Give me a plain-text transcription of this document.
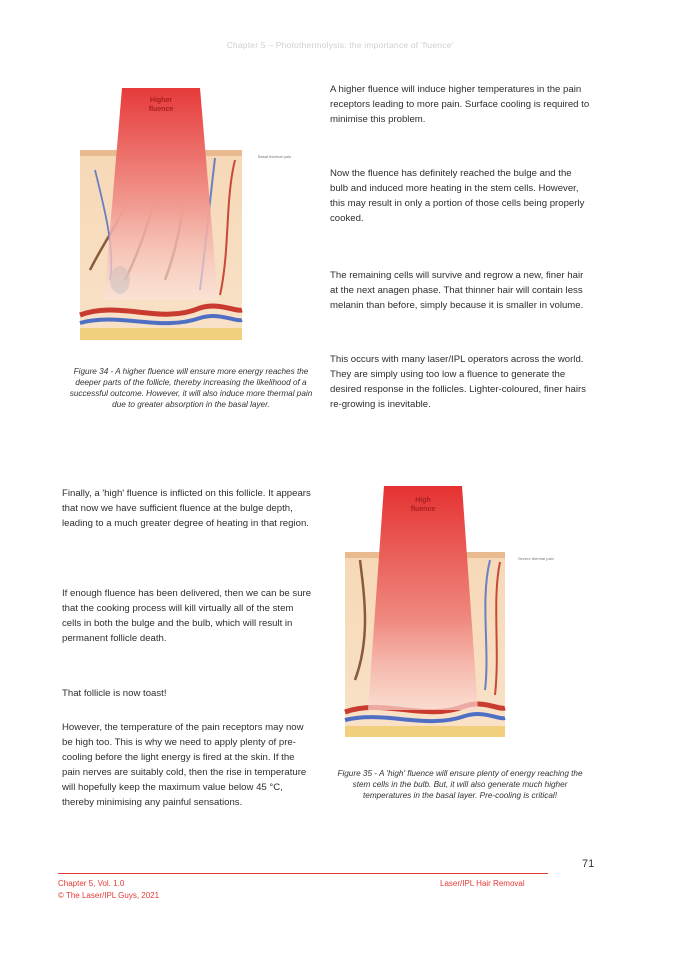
Chapter 5 – Photothermolysis: the importance of 'fluence'
Higher
fluence
Basal thermal pain

Figure 34 - A higher fluence will ensure more energy reaches the deeper parts of the follicle, thereby increasing the likelihood of a successful outcome. However, it will also induce more thermal pain due to greater absorption in the basal layer.

A higher fluence will induce higher temperatures in the pain receptors leading to more pain. Surface cooling is required to minimise this problem.

Now the fluence has definitely reached the bulge and the bulb and induced more heating in the stem cells. However, this may result in only a portion of those cells being properly cooked.

The remaining cells will survive and regrow a new, finer hair at the next anagen phase. That thinner hair will contain less melanin than before, simply because it is smaller in volume.

This occurs with many laser/IPL operators across the world. They are simply using too low a fluence to generate the desired response in the follicles. Lighter-coloured, finer hairs re-growing is inevitable.

Finally, a 'high' fluence is inflicted on this follicle. It appears that now we have sufficient fluence at the bulge depth, leading to a much greater degree of heating in that region.

If enough fluence has been delivered, then we can be sure that the cooking process will kill virtually all of the stem cells in both the bulge and the bulb, which will result in permanent follicle death.

That follicle is now toast!

However, the temperature of the pain receptors may now be high too. This is why we need to apply plenty of pre-cooling before the light energy is fired at the skin. If the pain nerves are suitably cold, then the rise in temperature will hopefully keep the maximum value below 45 °C, thereby minimising any painful sensations.

High
fluence
Severe thermal pain

Figure 35 - A 'high' fluence will ensure plenty of energy reaching the stem cells in the bulb. But, it will also generate much higher temperatures in the basal layer. Pre-cooling is critical!

71
Chapter 5, Vol. 1.0
© The Laser/IPL Guys, 2021
Laser/IPL Hair Removal
